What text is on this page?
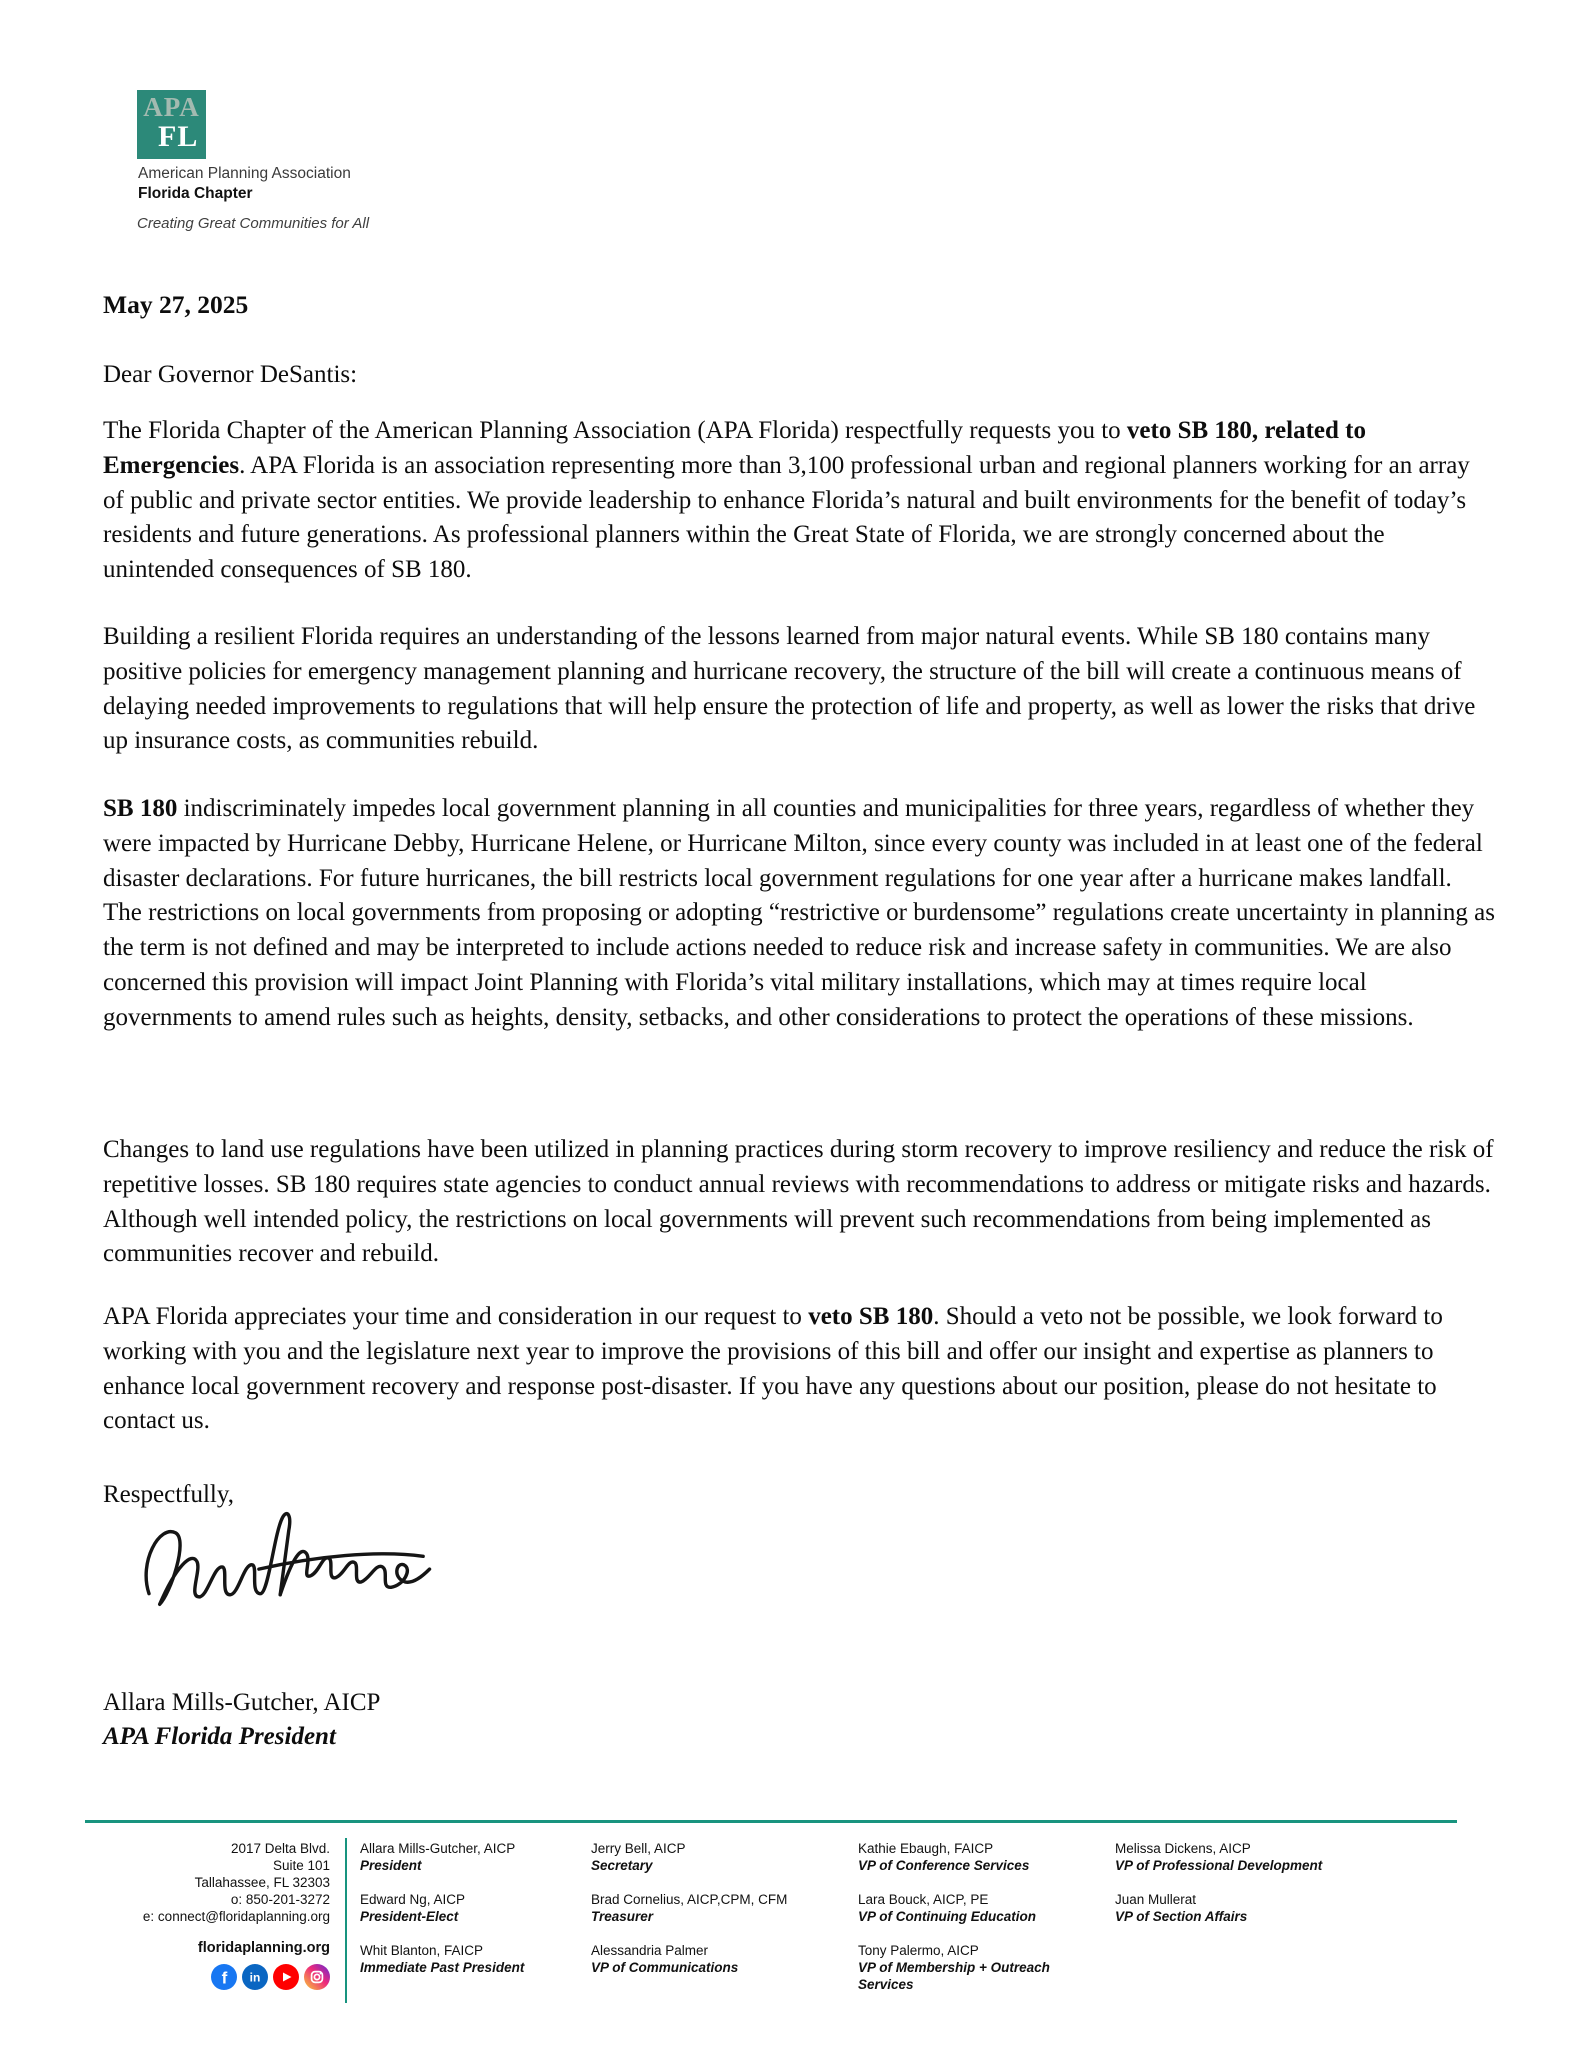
APA
FL
American Planning Association
Florida Chapter
Creating Great Communities for All
May 27, 2025
Dear Governor DeSantis:

The Florida Chapter of the American Planning Association (APA Florida) respectfully requests you to veto SB 180, related to Emergencies. APA Florida is an association representing more than 3,100 professional urban and regional planners working for an array of public and private sector entities. We provide leadership to enhance Florida’s natural and built environments for the benefit of today’s residents and future generations. As professional planners within the Great State of Florida, we are strongly concerned about the unintended consequences of SB 180.

Building a resilient Florida requires an understanding of the lessons learned from major natural events. While SB 180 contains many positive policies for emergency management planning and hurricane recovery, the structure of the bill will create a continuous means of delaying needed improvements to regulations that will help ensure the protection of life and property, as well as lower the risks that drive up insurance costs, as communities rebuild.

SB 180 indiscriminately impedes local government planning in all counties and municipalities for three years, regardless of whether they were impacted by Hurricane Debby, Hurricane Helene, or Hurricane Milton, since every county was included in at least one of the federal disaster declarations. For future hurricanes, the bill restricts local government regulations for one year after a hurricane makes landfall. The restrictions on local governments from proposing or adopting “restrictive or burdensome” regulations create uncertainty in planning as the term is not defined and may be interpreted to include actions needed to reduce risk and increase safety in communities. We are also concerned this provision will impact Joint Planning with Florida’s vital military installations, which may at times require local governments to amend rules such as heights, density, setbacks, and other considerations to protect the operations of these missions.

Changes to land use regulations have been utilized in planning practices during storm recovery to improve resiliency and reduce the risk of repetitive losses. SB 180 requires state agencies to conduct annual reviews with recommendations to address or mitigate risks and hazards. Although well intended policy, the restrictions on local governments will prevent such recommendations from being implemented as communities recover and rebuild.

APA Florida appreciates your time and consideration in our request to veto SB 180. Should a veto not be possible, we look forward to working with you and the legislature next year to improve the provisions of this bill and offer our insight and expertise as planners to enhance local government recovery and response post-disaster. If you have any questions about our position, please do not hesitate to contact us.

Respectfully,
Allara Mills-Gutcher, AICP
APA Florida President
2017 Delta Blvd.
Suite 101
Tallahassee, FL 32303
o: 850-201-3272
e: connect@floridaplanning.org
floridaplanning.org
f in
Allara Mills-Gutcher, AICP
President
Edward Ng, AICP
President-Elect
Whit Blanton, FAICP
Immediate Past President
Jerry Bell, AICP
Secretary
Brad Cornelius, AICP,CPM, CFM
Treasurer
Alessandria Palmer
VP of Communications
Kathie Ebaugh, FAICP
VP of Conference Services
Lara Bouck, AICP, PE
VP of Continuing Education
Tony Palermo, AICP
VP of Membership + Outreach Services
Melissa Dickens, AICP
VP of Professional Development
Juan Mullerat
VP of Section Affairs
